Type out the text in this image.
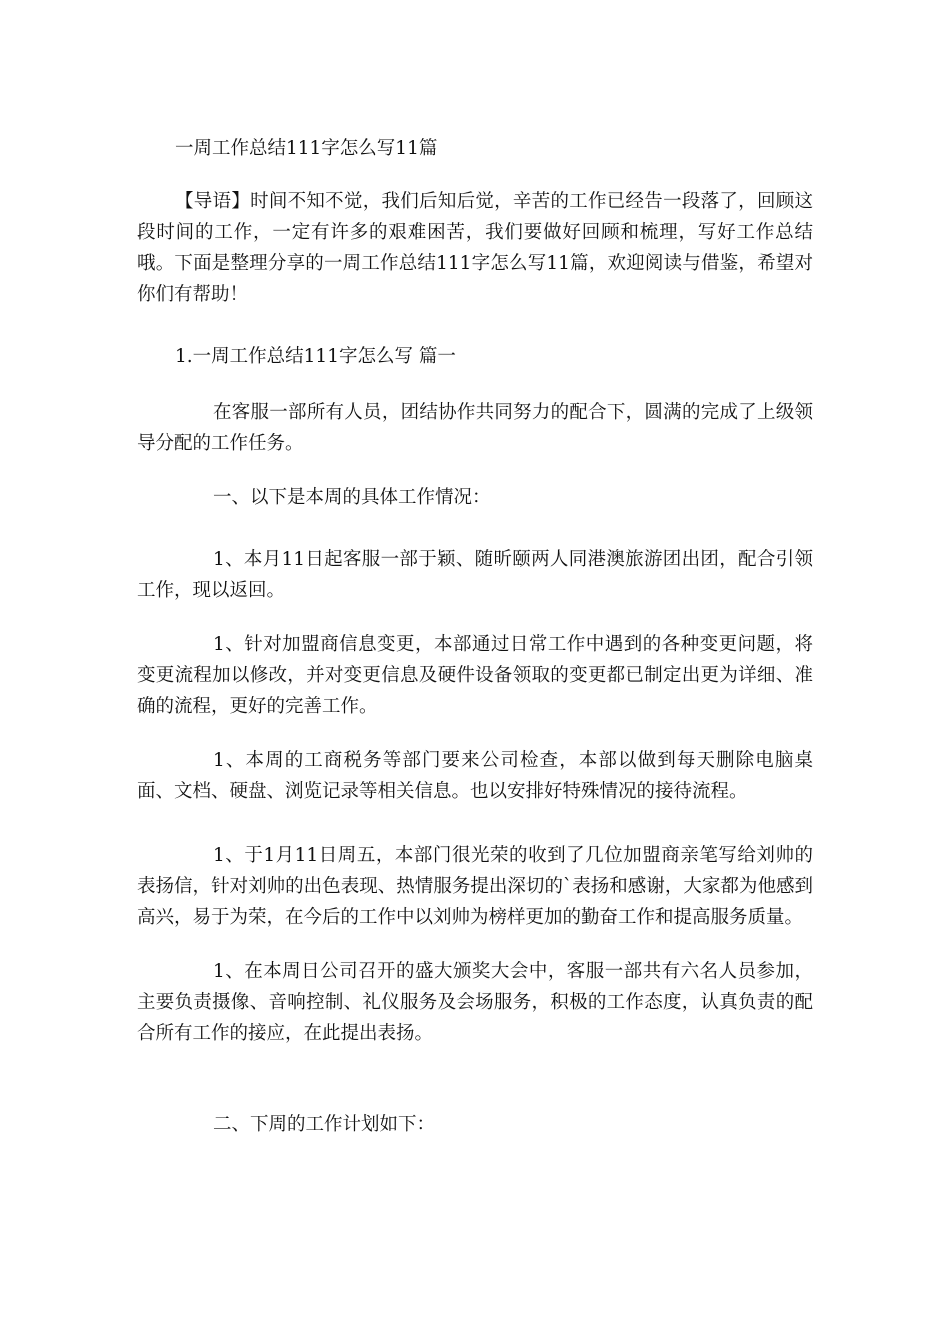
一周工作总结111字怎么写11篇

【导语】时间不知不觉，我们后知后觉，辛苦的工作已经告一段落了，回顾这段时间的工作，一定有许多的艰难困苦，我们要做好回顾和梳理，写好工作总结哦。下面是整理分享的一周工作总结111字怎么写11篇，欢迎阅读与借鉴，希望对你们有帮助！

1.一周工作总结111字怎么写 篇一

在客服一部所有人员，团结协作共同努力的配合下，圆满的完成了上级领导分配的工作任务。

一、以下是本周的具体工作情况：

1、本月11日起客服一部于颖、随昕颐两人同港澳旅游团出团，配合引领工作，现以返回。

1、针对加盟商信息变更，本部通过日常工作中遇到的各种变更问题，将变更流程加以修改，并对变更信息及硬件设备领取的变更都已制定出更为详细、准确的流程，更好的完善工作。

1、本周的工商税务等部门要来公司检查，本部以做到每天删除电脑桌面、文档、硬盘、浏览记录等相关信息。也以安排好特殊情况的接待流程。

1、于1月11日周五，本部门很光荣的收到了几位加盟商亲笔写给刘帅的表扬信，针对刘帅的出色表现、热情服务提出深切的`表扬和感谢，大家都为他感到高兴，易于为荣，在今后的工作中以刘帅为榜样更加的勤奋工作和提高服务质量。

1、在本周日公司召开的盛大颁奖大会中，客服一部共有六名人员参加，主要负责摄像、音响控制、礼仪服务及会场服务，积极的工作态度，认真负责的配合所有工作的接应，在此提出表扬。

二、下周的工作计划如下：
